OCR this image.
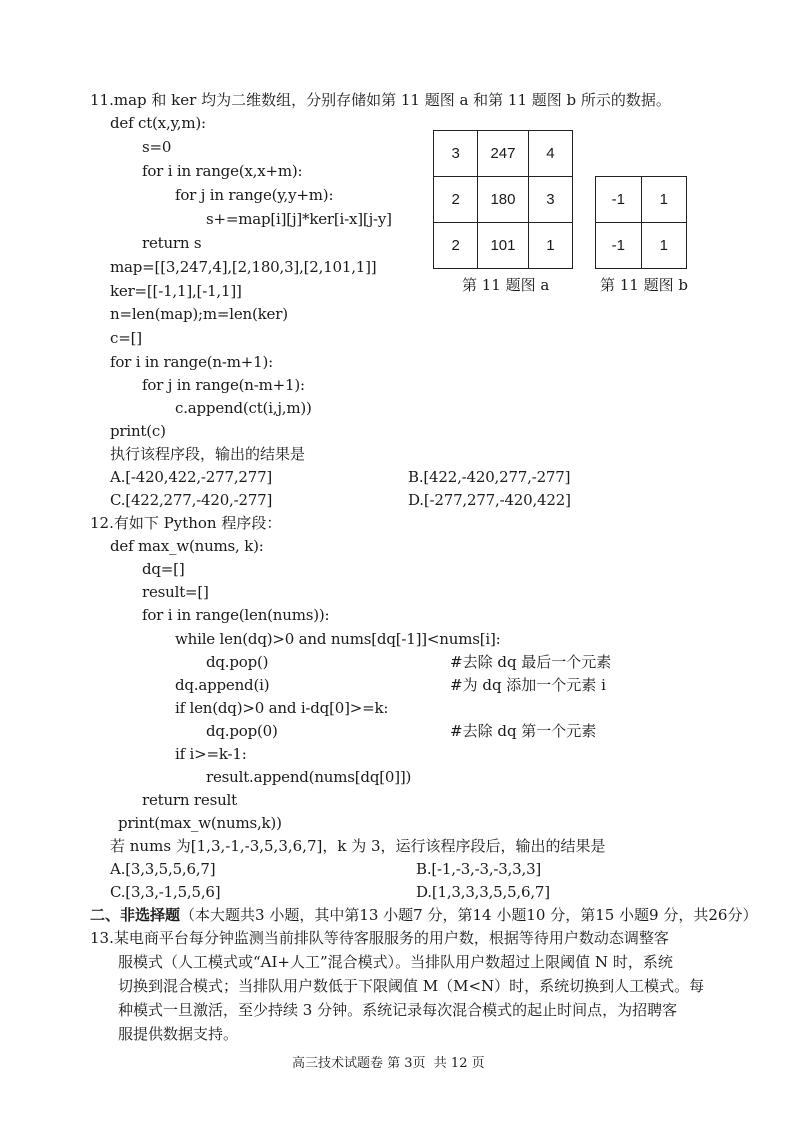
11.map 和 ker 均为二维数组，分别存储如第 11 题图 a 和第 11 题图 b 所示的数据。
def ct(x,y,m):
s=0
for i in range(x,x+m):
for j in range(y,y+m):
s+=map[i][j]*ker[i-x][j-y]
return s
map=[[3,247,4],[2,180,3],[2,101,1]]
ker=[[-1,1],[-1,1]]
n=len(map);m=len(ker)
c=[]
for i in range(n-m+1):
for j in range(n-m+1):
c.append(ct(i,j,m))
print(c)
执行该程序段，输出的结果是
A.[-420,422,-277,277]	B.[422,-420,277,-277]
C.[422,277,-420,-277]	D.[-277,277,-420,422]
3	247	4
2	180	3
2	101	1
第 11 题图 a
-1	1
-1	1
第 11 题图 b
12.有如下 Python 程序段：
def max_w(nums, k):
dq=[]
result=[]
for i in range(len(nums)):
while len(dq)>0 and nums[dq[-1]]<nums[i]:
dq.pop()	#去除 dq 最后一个元素
dq.append(i)	#为 dq 添加一个元素 i
if len(dq)>0 and i-dq[0]>=k:
dq.pop(0)	#去除 dq 第一个元素
if i>=k-1:
result.append(nums[dq[0]])
return result
print(max_w(nums,k))
若 nums 为[1,3,-1,-3,5,3,6,7]，k 为 3，运行该程序段后，输出的结果是
A.[3,3,5,5,6,7]	B.[-1,-3,-3,-3,3,3]
C.[3,3,-1,5,5,6]	D.[1,3,3,3,5,5,6,7]
二、非选择题（本大题共3 小题，其中第13 小题7 分，第14 小题10 分，第15 小题9 分，共26分）
13.某电商平台每分钟监测当前排队等待客服服务的用户数，根据等待用户数动态调整客
服模式（人工模式或“AI+人工”混合模式）。当排队用户数超过上限阈值 N 时，系统
切换到混合模式；当排队用户数低于下限阈值 M（M<N）时，系统切换到人工模式。每
种模式一旦激活，至少持续 3 分钟。系统记录每次混合模式的起止时间点，为招聘客
服提供数据支持。
高三技术试题卷 第 3页  共 12 页
